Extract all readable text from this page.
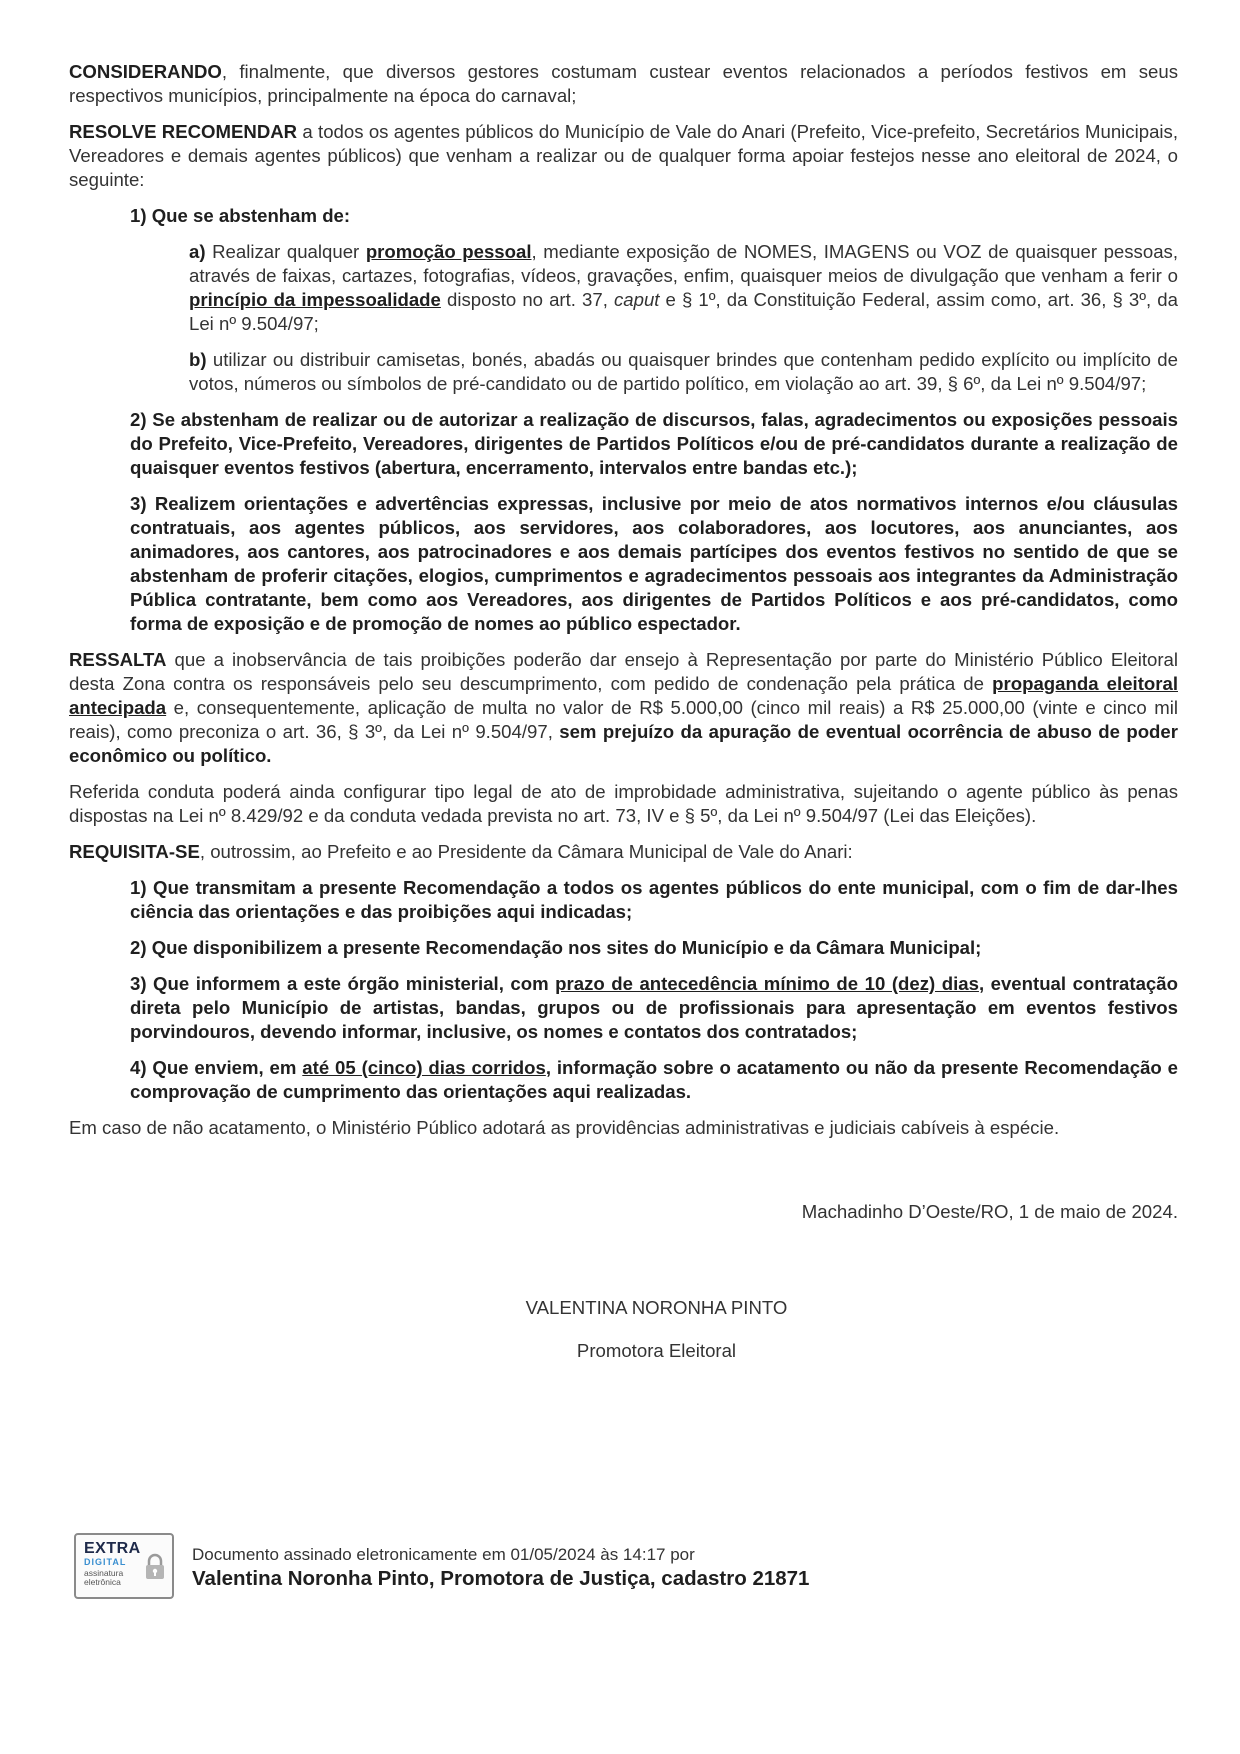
CONSIDERANDO, finalmente, que diversos gestores costumam custear eventos relacionados a períodos festivos em seus respectivos municípios, principalmente na época do carnaval;

RESOLVE RECOMENDAR a todos os agentes públicos do Município de Vale do Anari (Prefeito, Vice-prefeito, Secretários Municipais, Vereadores e demais agentes públicos) que venham a realizar ou de qualquer forma apoiar festejos nesse ano eleitoral de 2024, o seguinte:

1) Que se abstenham de:

a) Realizar qualquer promoção pessoal, mediante exposição de NOMES, IMAGENS ou VOZ de quaisquer pessoas, através de faixas, cartazes, fotografias, vídeos, gravações, enfim, quaisquer meios de divulgação que venham a ferir o princípio da impessoalidade disposto no art. 37, caput e § 1º, da Constituição Federal, assim como, art. 36, § 3º, da Lei nº 9.504/97;

b) utilizar ou distribuir camisetas, bonés, abadás ou quaisquer brindes que contenham pedido explícito ou implícito de votos, números ou símbolos de pré-candidato ou de partido político, em violação ao art. 39, § 6º, da Lei nº 9.504/97;

2) Se abstenham de realizar ou de autorizar a realização de discursos, falas, agradecimentos ou exposições pessoais do Prefeito, Vice-Prefeito, Vereadores, dirigentes de Partidos Políticos e/ou de pré-candidatos durante a realização de quaisquer eventos festivos (abertura, encerramento, intervalos entre bandas etc.);

3) Realizem orientações e advertências expressas, inclusive por meio de atos normativos internos e/ou cláusulas contratuais, aos agentes públicos, aos servidores, aos colaboradores, aos locutores, aos anunciantes, aos animadores, aos cantores, aos patrocinadores e aos demais partícipes dos eventos festivos no sentido de que se abstenham de proferir citações, elogios, cumprimentos e agradecimentos pessoais aos integrantes da Administração Pública contratante, bem como aos Vereadores, aos dirigentes de Partidos Políticos e aos pré-candidatos, como forma de exposição e de promoção de nomes ao público espectador.

RESSALTA que a inobservância de tais proibições poderão dar ensejo à Representação por parte do Ministério Público Eleitoral desta Zona contra os responsáveis pelo seu descumprimento, com pedido de condenação pela prática de propaganda eleitoral antecipada e, consequentemente, aplicação de multa no valor de R$ 5.000,00 (cinco mil reais) a R$ 25.000,00 (vinte e cinco mil reais), como preconiza o art. 36, § 3º, da Lei nº 9.504/97, sem prejuízo da apuração de eventual ocorrência de abuso de poder econômico ou político.

Referida conduta poderá ainda configurar tipo legal de ato de improbidade administrativa, sujeitando o agente público às penas dispostas na Lei nº 8.429/92 e da conduta vedada prevista no art. 73, IV e § 5º, da Lei nº 9.504/97 (Lei das Eleições).

REQUISITA-SE, outrossim, ao Prefeito e ao Presidente da Câmara Municipal de Vale do Anari:

1) Que transmitam a presente Recomendação a todos os agentes públicos do ente municipal, com o fim de dar-lhes ciência das orientações e das proibições aqui indicadas;

2) Que disponibilizem a presente Recomendação nos sites do Município e da Câmara Municipal;

3) Que informem a este órgão ministerial, com prazo de antecedência mínimo de 10 (dez) dias, eventual contratação direta pelo Município de artistas, bandas, grupos ou de profissionais para apresentação em eventos festivos porvindouros, devendo informar, inclusive, os nomes e contatos dos contratados;

4) Que enviem, em até 05 (cinco) dias corridos, informação sobre o acatamento ou não da presente Recomendação e comprovação de cumprimento das orientações aqui realizadas.

Em caso de não acatamento, o Ministério Público adotará as providências administrativas e judiciais cabíveis à espécie.

Machadinho D’Oeste/RO, 1 de maio de 2024.

VALENTINA NORONHA PINTO

Promotora Eleitoral

EXTRA
DIGITAL
assinatura
eletrônica
Documento assinado eletronicamente em 01/05/2024 às 14:17 por
Valentina Noronha Pinto, Promotora de Justiça, cadastro 21871
